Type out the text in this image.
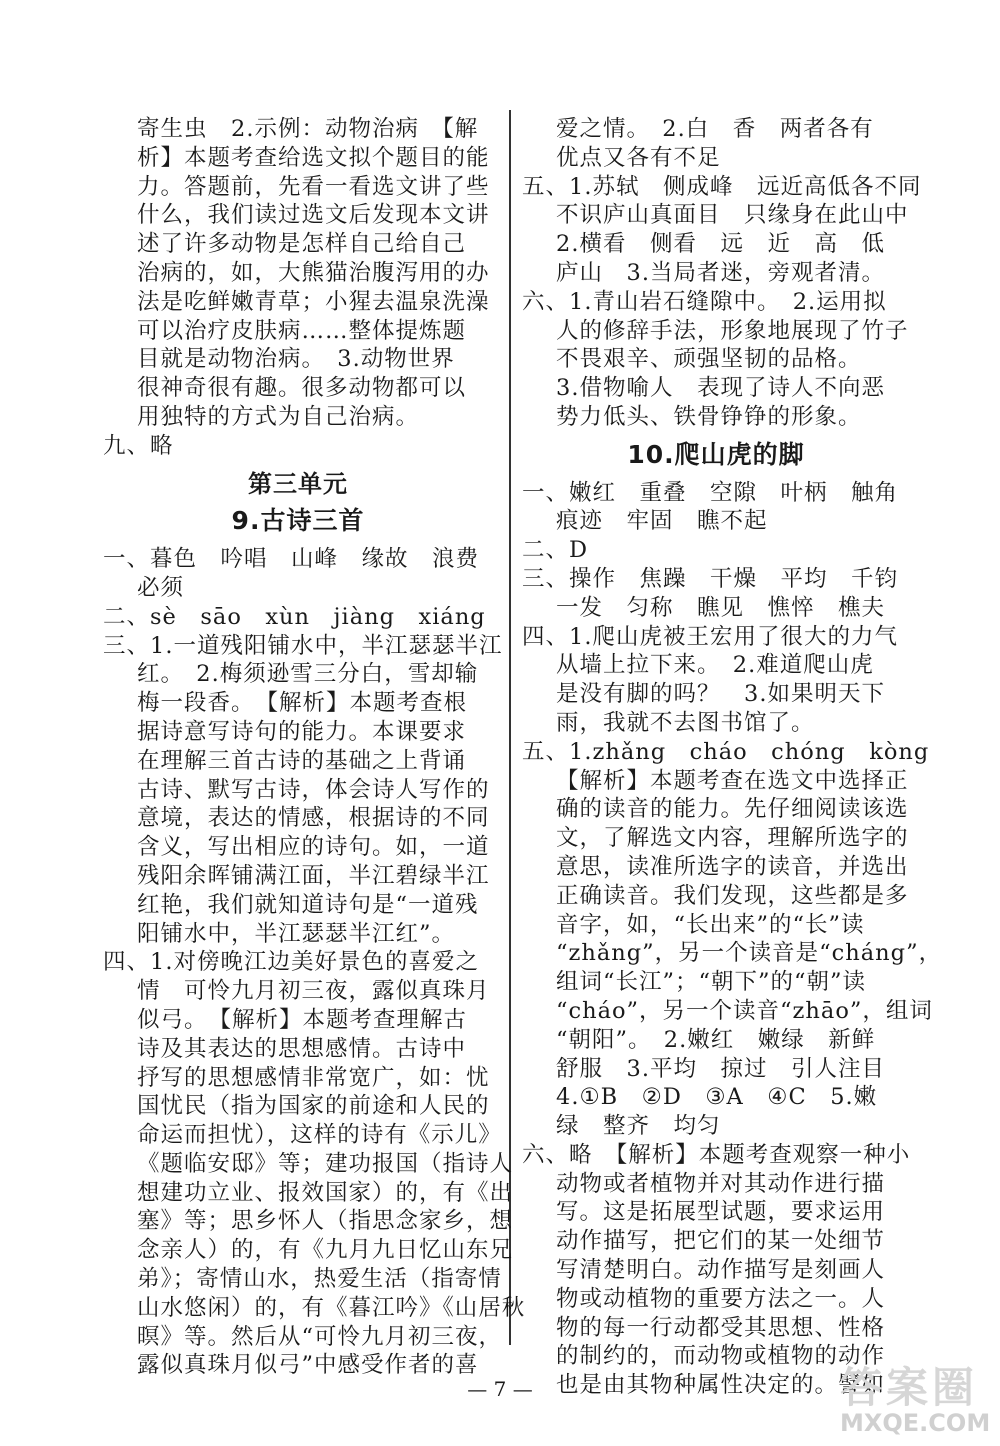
寄生虫　2.示例：动物治病　【解
析】本题考查给选文拟个题目的能
力。答题前，先看一看选文讲了些
什么，我们读过选文后发现本文讲
述了许多动物是怎样自己给自己
治病的，如，大熊猫治腹泻用的办
法是吃鲜嫩青草；小猩去温泉洗澡
可以治疗皮肤病……整体提炼题
目就是动物治病。　3.动物世界
很神奇很有趣。很多动物都可以
用独特的方式为自己治病。
九、略
第三单元
9.古诗三首
一、暮色　吟唱　山峰　缘故　浪费
必须
二、sè　sāo　xùn　jiàng　xiáng
三、1.一道残阳铺水中，半江瑟瑟半江
红。　2.梅须逊雪三分白，雪却输
梅一段香。　【解析】本题考查根
据诗意写诗句的能力。本课要求
在理解三首古诗的基础之上背诵
古诗、默写古诗，体会诗人写作的
意境，表达的情感，根据诗的不同
含义，写出相应的诗句。如，一道
残阳余晖铺满江面，半江碧绿半江
红艳，我们就知道诗句是“一道残
阳铺水中，半江瑟瑟半江红”。
四、1.对傍晚江边美好景色的喜爱之
情　可怜九月初三夜，露似真珠月
似弓。　【解析】本题考查理解古
诗及其表达的思想感情。古诗中
抒写的思想感情非常宽广，如：忧
国忧民（指为国家的前途和人民的
命运而担忧），这样的诗有《示儿》
《题临安邸》等；建功报国（指诗人
想建功立业、报效国家）的，有《出
塞》等；思乡怀人（指思念家乡，想
念亲人）的，有《九月九日忆山东兄
弟》；寄情山水，热爱生活（指寄情
山水悠闲）的，有《暮江吟》《山居秋
暝》等。然后从“可怜九月初三夜，
露似真珠月似弓”中感受作者的喜
爱之情。　2.白　香　两者各有
优点又各有不足
五、1.苏轼　侧成峰　远近高低各不同
不识庐山真面目　只缘身在此山中
2.横看　侧看　远　近　高　低
庐山　3.当局者迷，旁观者清。
六、1.青山岩石缝隙中。　2.运用拟
人的修辞手法，形象地展现了竹子
不畏艰辛、顽强坚韧的品格。
3.借物喻人　表现了诗人不向恶
势力低头、铁骨铮铮的形象。
10.爬山虎的脚
一、嫩红　重叠　空隙　叶柄　触角
痕迹　牢固　瞧不起
二、D
三、操作　焦躁　干燥　平均　千钧
一发　匀称　瞧见　憔悴　樵夫
四、1.爬山虎被王宏用了很大的力气
从墙上拉下来。　2.难道爬山虎
是没有脚的吗？　3.如果明天下
雨，我就不去图书馆了。
五、1.zhǎng　cháo　chóng　kòng
【解析】本题考查在选文中选择正
确的读音的能力。先仔细阅读该选
文，了解选文内容，理解所选字的
意思，读准所选字的读音，并选出
正确读音。我们发现，这些都是多
音字，如，“长出来”的“长”读
“zhǎng”，另一个读音是“cháng”，
组词“长江”；“朝下”的“朝”读
“cháo”，另一个读音“zhāo”，组词
“朝阳”。　2.嫩红　嫩绿　新鲜
舒服　3.平均　掠过　引人注目
4.①B　②D　③A　④C　5.嫩
绿　整齐　均匀
六、略　【解析】本题考查观察一种小
动物或者植物并对其动作进行描
写。这是拓展型试题，要求运用
动作描写，把它们的某一处细节
写清楚明白。动作描写是刻画人
物或动植物的重要方法之一。人
物的每一行动都受其思想、性格
的制约的，而动物或植物的动作
也是由其物种属性决定的。譬如
— 7 —	答案圈
MXQE.COM
